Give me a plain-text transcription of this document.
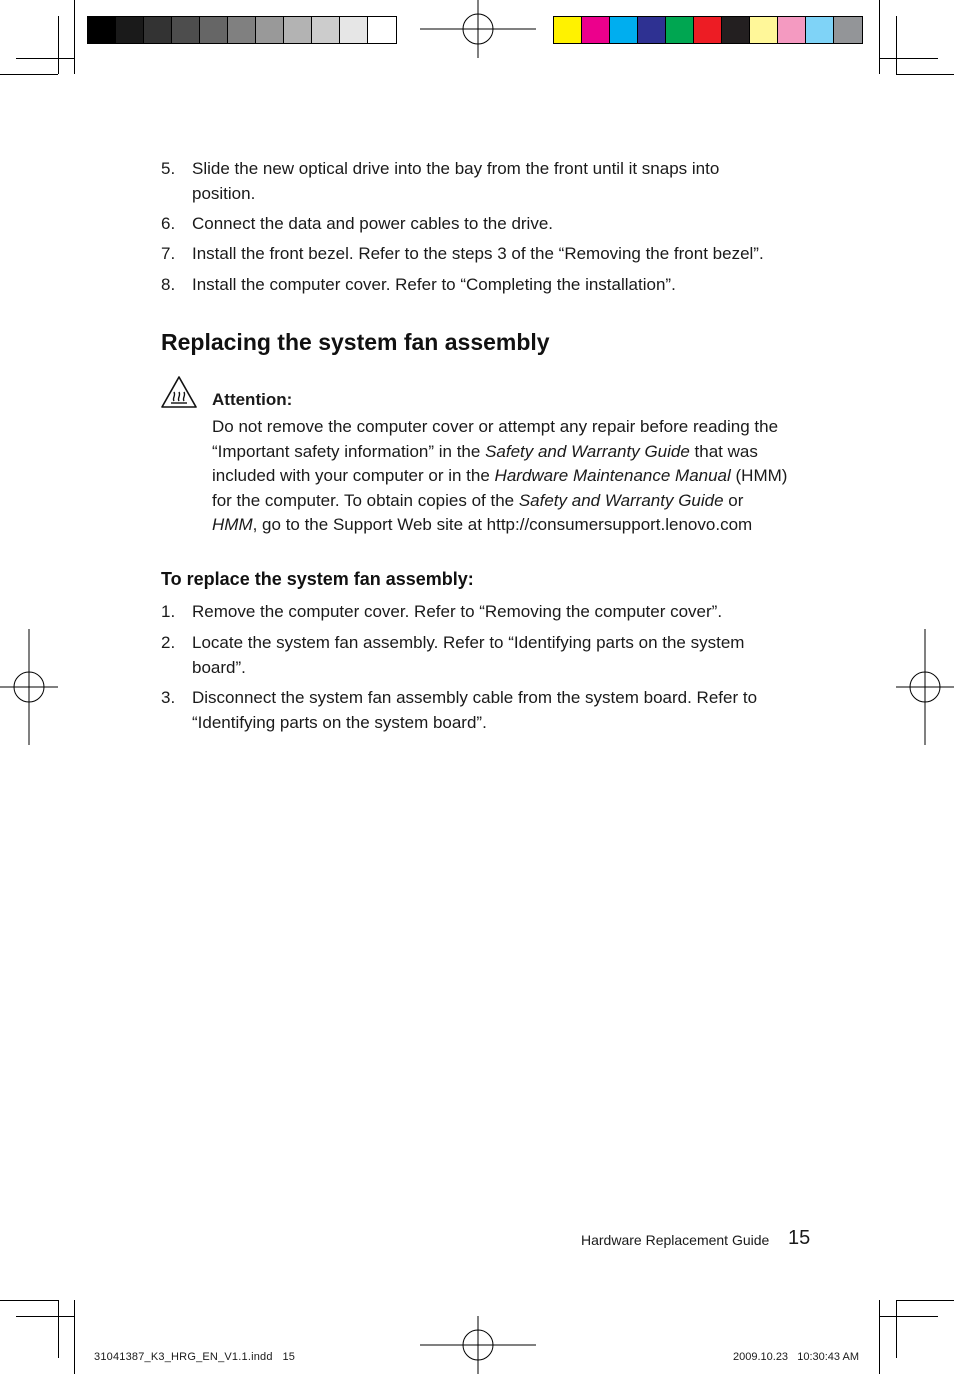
5. Slide the new optical drive into the bay from the front until it snaps into
position.
6. Connect the data and power cables to the drive.
7. Install the front bezel. Refer to the steps 3 of the “Removing the front bezel”.
8. Install the computer cover. Refer to “Completing the installation”.
Replacing the system fan assembly
Attention:

Do not remove the computer cover or attempt any repair before reading the

“Important safety information” in the Safety and Warranty Guide that was

included with your computer or in the Hardware Maintenance Manual (HMM)

for the computer. To obtain copies of the Safety and Warranty Guide or

HMM, go to the Support Web site at http://consumersupport.lenovo.com

To replace the system fan assembly:
1. Remove the computer cover. Refer to “Removing the computer cover”.
2. Locate the system fan assembly. Refer to “Identifying parts on the system
board”.
3. Disconnect the system fan assembly cable from the system board. Refer to
“Identifying parts on the system board”.
Hardware Replacement Guide 15
31041387_K3_HRG_EN_V1.1.indd   15	2009.10.23   10:30:43 AM
